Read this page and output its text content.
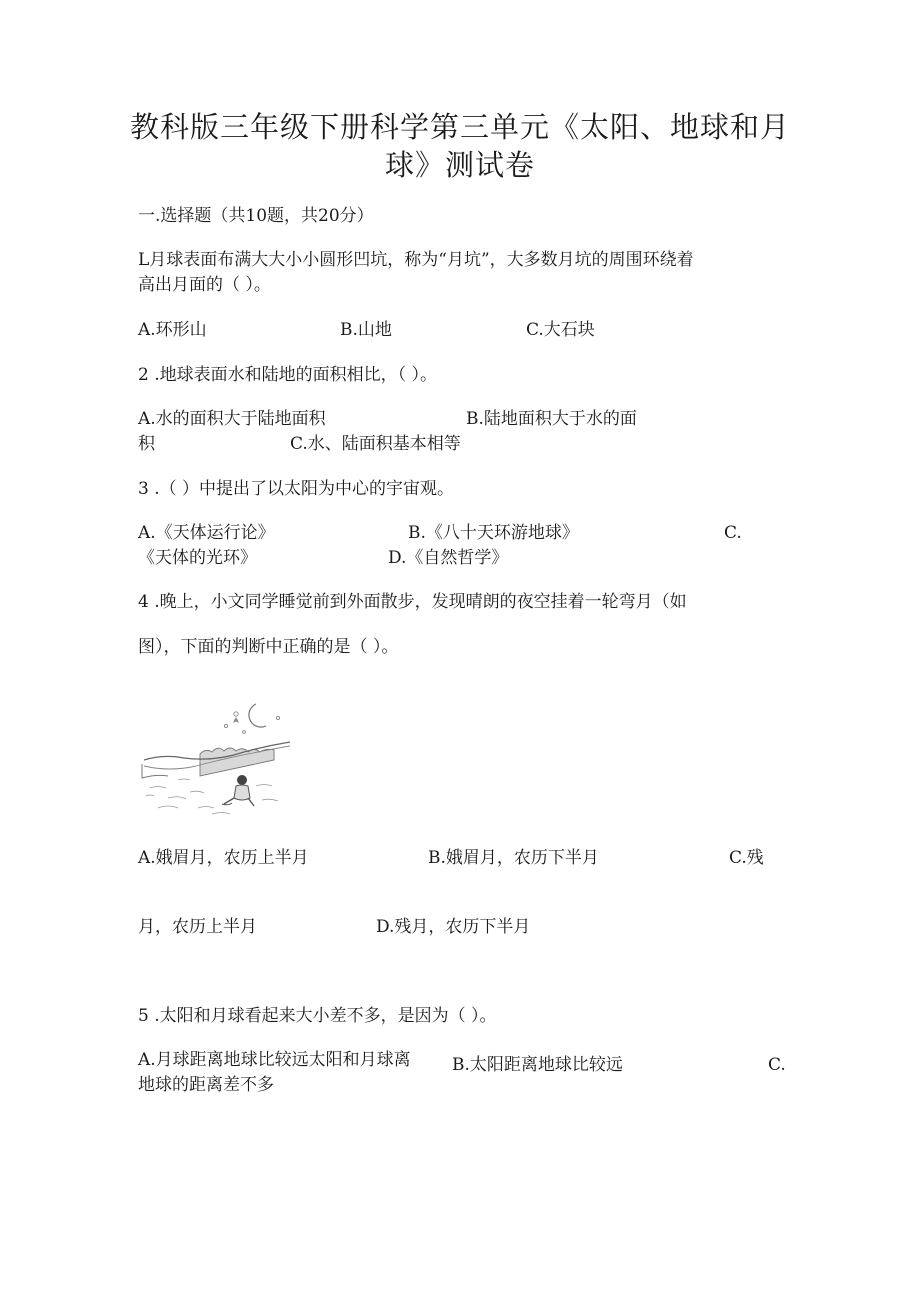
教科版三年级下册科学第三单元《太阳、地球和月
球》测试卷
一.选择题（共10题，共20分）
L月球表面布满大大小小圆形凹坑，称为“月坑”，大多数月坑的周围环绕着
高出月面的（ ）。
A.环形山	B.山地	C.大石块
2 .地球表面水和陆地的面积相比，（ ）。
A.水的面积大于陆地面积	B.陆地面积大于水的面
积	C.水、陆面积基本相等
3 .（ ）中提出了以太阳为中心的宇宙观。
A.《天体运行论》	B.《八十天环游地球》	C.
《天体的光环》	D.《自然哲学》
4 .晚上，小文同学睡觉前到外面散步，发现晴朗的夜空挂着一轮弯月（如
图），下面的判断中正确的是（ ）。
A.娥眉月，农历上半月	B.娥眉月，农历下半月	C.残
月，农历上半月	D.残月，农历下半月
5 .太阳和月球看起来大小差不多，是因为（ ）。
A.月球距离地球比较远太阳和月球离 B.太阳距离地球比较远	C.
地球的距离差不多
